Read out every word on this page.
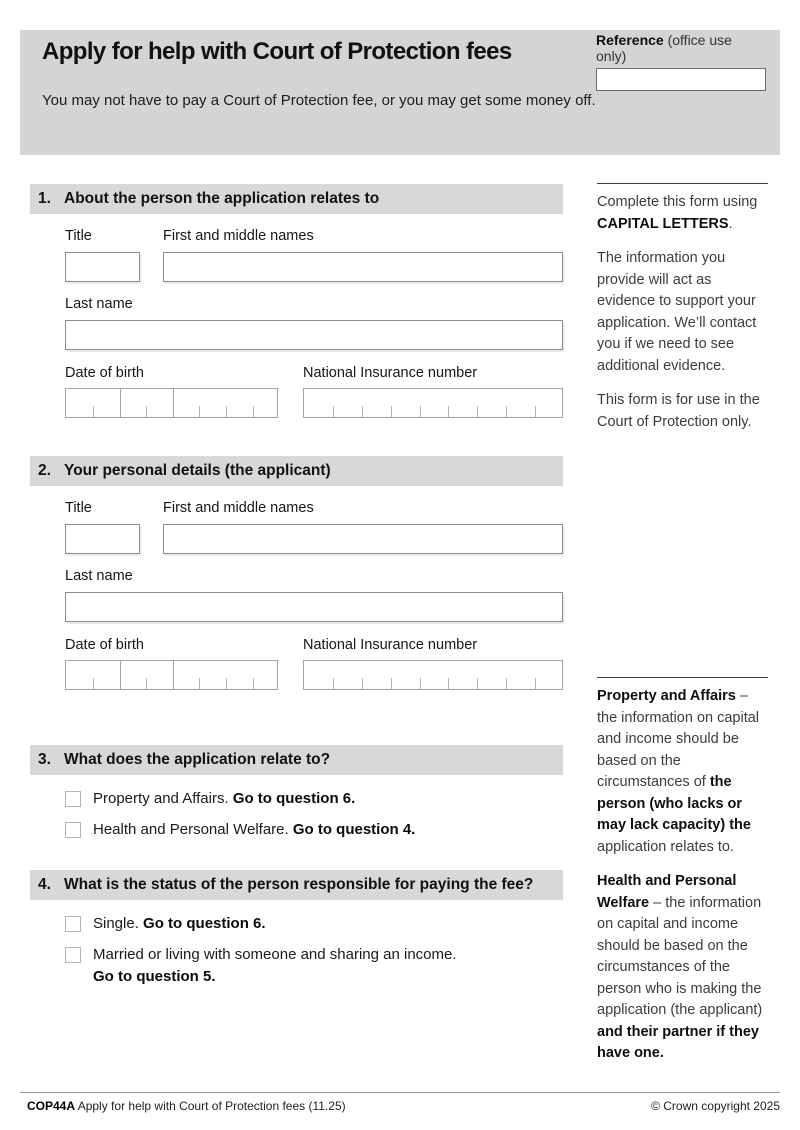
Apply for help with Court of Protection fees	Reference (office use only)
You may not have to pay a Court of Protection fee, or you may get some money off.
1. About the person the application relates to
Title	First and middle names
Last name
Date of birth	National Insurance number
2. Your personal details (the applicant)
Title	First and middle names
Last name
Date of birth	National Insurance number
3. What does the application relate to?
Property and Affairs. Go to question 6.
Health and Personal Welfare. Go to question 4.
4. What is the status of the person responsible for paying the fee?
Single. Go to question 6.
Married or living with someone and sharing an income.
Go to question 5.

Complete this form using CAPITAL LETTERS.

The information you provide will act as evidence to support your application. We’ll contact you if we need to see additional evidence.

This form is for use in the Court of Protection only.

Property and Affairs – the information on capital and income should be based on the circumstances of the person (who lacks or may lack capacity) the application relates to.

Health and Personal Welfare – the information on capital and income should be based on the circumstances of the person who is making the application (the applicant) and their partner if they have one.

COP44A Apply for help with Court of Protection fees (11.25)	© Crown copyright 2025
